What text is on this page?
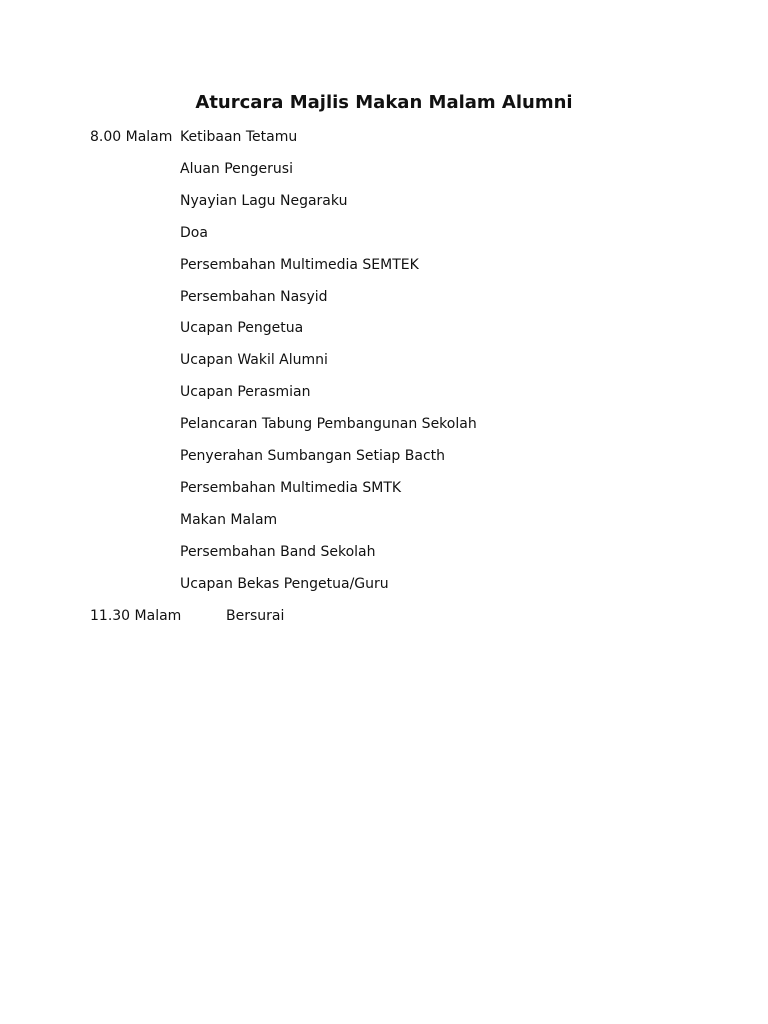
Aturcara Majlis Makan Malam Alumni
8.00 Malam Ketibaan Tetamu
Aluan Pengerusi
Nyayian Lagu Negaraku
Doa
Persembahan Multimedia SEMTEK
Persembahan Nasyid
Ucapan Pengetua
Ucapan Wakil Alumni
Ucapan Perasmian
Pelancaran Tabung Pembangunan Sekolah
Penyerahan Sumbangan Setiap Bacth
Persembahan Multimedia SMTK
Makan Malam
Persembahan Band Sekolah
Ucapan Bekas Pengetua/Guru
11.30 Malam	Bersurai
